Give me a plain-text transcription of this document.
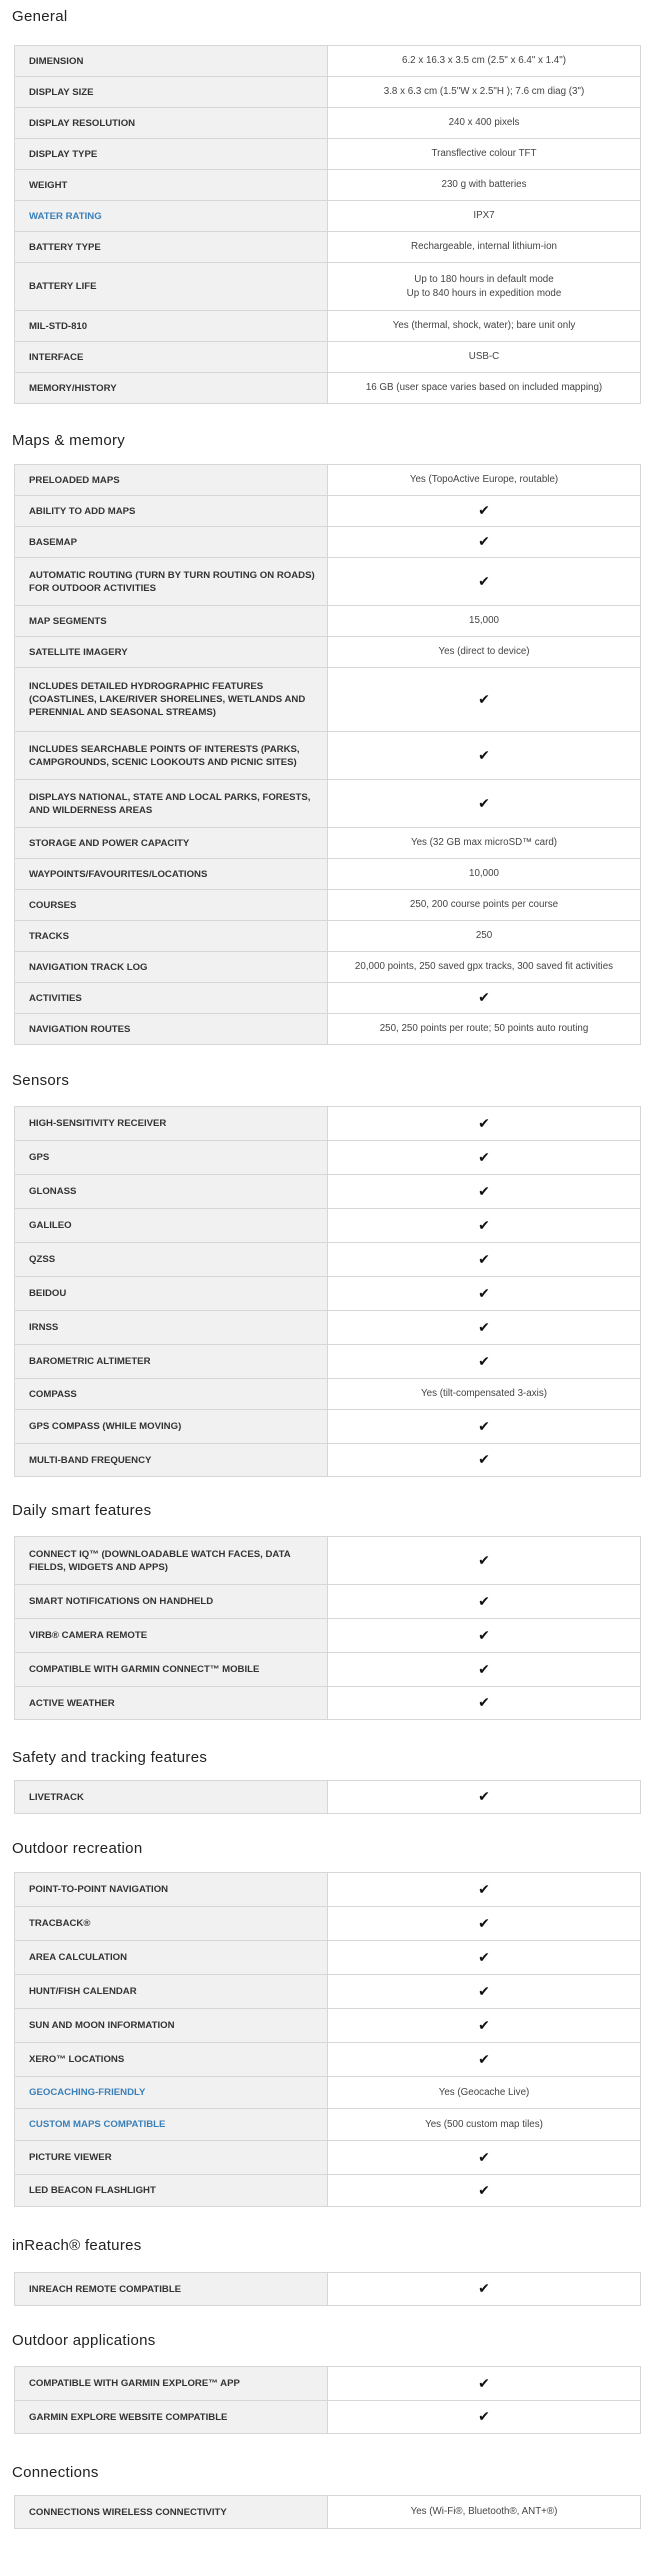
General
DIMENSION	6.2 x 16.3 x 3.5 cm (2.5" x 6.4" x 1.4")
DISPLAY SIZE	3.8 x 6.3 cm (1.5"W x 2.5"H ); 7.6 cm diag (3")
DISPLAY RESOLUTION	240 x 400 pixels
DISPLAY TYPE	Transflective colour TFT
WEIGHT	230 g with batteries
WATER RATING	IPX7
BATTERY TYPE	Rechargeable, internal lithium-ion
BATTERY LIFE
Up to 180 hours in default mode
Up to 840 hours in expedition mode
MIL-STD-810	Yes (thermal, shock, water); bare unit only
INTERFACE	USB-C
MEMORY/HISTORY	16 GB (user space varies based on included mapping)
Maps & memory
PRELOADED MAPS	Yes (TopoActive Europe, routable)
ABILITY TO ADD MAPS	✔
BASEMAP	✔
AUTOMATIC ROUTING (TURN BY TURN ROUTING ON ROADS) FOR OUTDOOR ACTIVITIES	✔
MAP SEGMENTS	15,000
SATELLITE IMAGERY	Yes (direct to device)
INCLUDES DETAILED HYDROGRAPHIC FEATURES (COASTLINES, LAKE/RIVER SHORELINES, WETLANDS AND PERENNIAL AND SEASONAL STREAMS)
✔
INCLUDES SEARCHABLE POINTS OF INTERESTS (PARKS, CAMPGROUNDS, SCENIC LOOKOUTS AND PICNIC SITES)	✔
DISPLAYS NATIONAL, STATE AND LOCAL PARKS, FORESTS, AND WILDERNESS AREAS	✔
STORAGE AND POWER CAPACITY	Yes (32 GB max microSD™ card)
WAYPOINTS/FAVOURITES/LOCATIONS	10,000
COURSES	250, 200 course points per course
TRACKS	250
NAVIGATION TRACK LOG	20,000 points, 250 saved gpx tracks, 300 saved fit activities
ACTIVITIES	✔
NAVIGATION ROUTES	250, 250 points per route; 50 points auto routing
Sensors
HIGH-SENSITIVITY RECEIVER	✔
GPS	✔
GLONASS	✔
GALILEO	✔
QZSS	✔
BEIDOU	✔
IRNSS	✔
BAROMETRIC ALTIMETER	✔
COMPASS	Yes (tilt-compensated 3-axis)
GPS COMPASS (WHILE MOVING)	✔
MULTI-BAND FREQUENCY	✔
Daily smart features
CONNECT IQ™ (DOWNLOADABLE WATCH FACES, DATA FIELDS, WIDGETS AND APPS)	✔
SMART NOTIFICATIONS ON HANDHELD	✔
VIRB® CAMERA REMOTE	✔
COMPATIBLE WITH GARMIN CONNECT™ MOBILE	✔
ACTIVE WEATHER	✔
Safety and tracking features
LIVETRACK	✔
Outdoor recreation
POINT-TO-POINT NAVIGATION	✔
TRACBACK®	✔
AREA CALCULATION	✔
HUNT/FISH CALENDAR	✔
SUN AND MOON INFORMATION	✔
XERO™ LOCATIONS	✔
GEOCACHING-FRIENDLY	Yes (Geocache Live)
CUSTOM MAPS COMPATIBLE	Yes (500 custom map tiles)
PICTURE VIEWER	✔
LED BEACON FLASHLIGHT	✔
inReach® features
INREACH REMOTE COMPATIBLE	✔
Outdoor applications
COMPATIBLE WITH GARMIN EXPLORE™ APP	✔
GARMIN EXPLORE WEBSITE COMPATIBLE	✔
Connections
CONNECTIONS WIRELESS CONNECTIVITY	Yes (Wi-Fi®, Bluetooth®, ANT+®)
